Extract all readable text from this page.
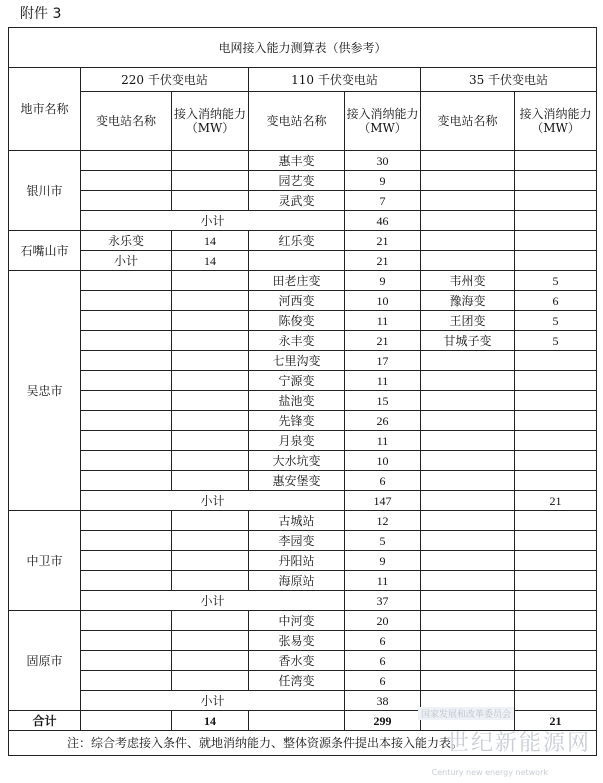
附件 3
电网接入能力测算表（供参考）						
地市名称	220 千伏变电站		110 千伏变电站		35 千伏变电站	
	变电站名称	接入消纳能力（MW）	变电站名称	接入消纳能力（MW）	变电站名称	接入消纳能力（MW）
银川市			惠丰变	30		
			园艺变	9		
			灵武变	7		
	小计			46		
石嘴山市	永乐变	14	红乐变	21		
	小计	14		21		
吴忠市			田老庄变	9	韦州变	5
			河西变	10	豫海变	6
			陈俊变	11	王团变	5
			永丰变	21	甘城子变	5
			七里沟变	17		
			宁源变	11		
			盐池变	15		
			先锋变	26		
			月泉变	11		
			大水坑变	10		
			惠安堡变	6		
	小计			147		21
中卫市			古城站	12		
			李园变	5		
			丹阳站	9		
			海原站	11		
	小计			37		
固原市			中河变	20		
			张易变	6		
			香水变	6		
			任湾变	6		
	小计			38		
合计		14		299		21
注：综合考虑接入条件、就地消纳能力、整体资源条件提出本接入能力表。						
国家发展和改革委员会
世纪新能源网
Century new energy network
